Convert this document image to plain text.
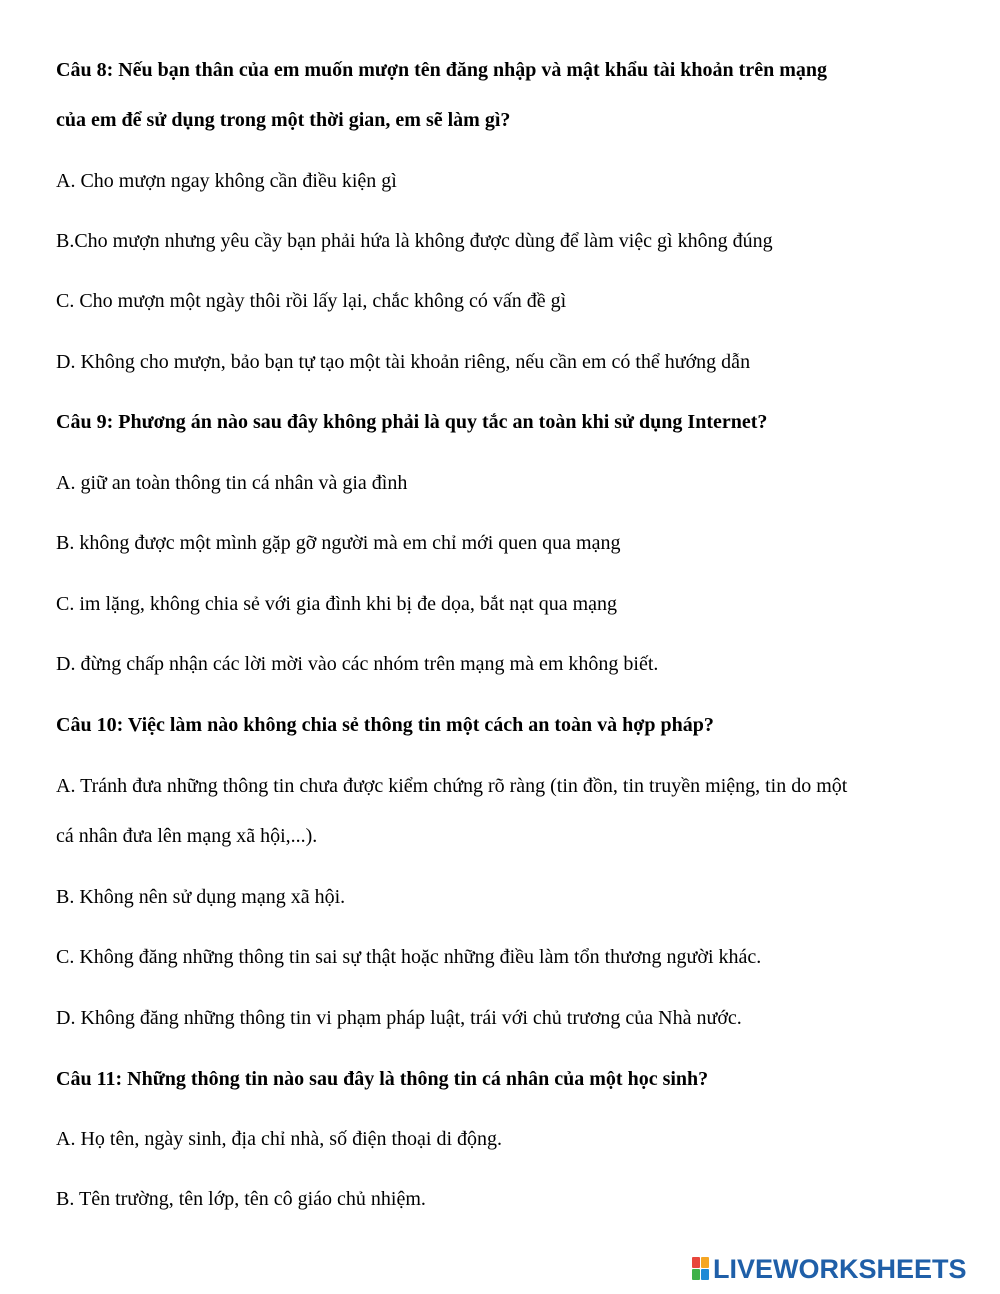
Câu 8: Nếu bạn thân của em muốn mượn tên đăng nhập và mật khẩu tài khoản trên mạng
của em để sử dụng trong một thời gian, em sẽ làm gì?
A. Cho mượn ngay không cần điều kiện gì
B.Cho mượn nhưng yêu cầy bạn phải hứa là không được dùng để làm việc gì không đúng
C. Cho mượn một ngày thôi rồi lấy lại, chắc không có vấn đề gì
D. Không cho mượn, bảo bạn tự tạo một tài khoản riêng, nếu cần em có thể hướng dẫn
Câu 9: Phương án nào sau đây không phải là quy tắc an toàn khi sử dụng Internet?
A. giữ an toàn thông tin cá nhân và gia đình
B. không được một mình gặp gỡ người mà em chỉ mới quen qua mạng
C. im lặng, không chia sẻ với gia đình khi bị đe dọa, bắt nạt qua mạng
D. đừng chấp nhận các lời mời vào các nhóm trên mạng mà em không biết.
Câu 10: Việc làm nào không chia sẻ thông tin một cách an toàn và hợp pháp?
A. Tránh đưa những thông tin chưa được kiểm chứng rõ ràng (tin đồn, tin truyền miệng, tin do một
cá nhân đưa lên mạng xã hội,...).
B. Không nên sử dụng mạng xã hội.
C. Không đăng những thông tin sai sự thật hoặc những điều làm tổn thương người khác.
D. Không đăng những thông tin vi phạm pháp luật, trái với chủ trương của Nhà nước.
Câu 11: Những thông tin nào sau đây là thông tin cá nhân của một học sinh?
A. Họ tên, ngày sinh, địa chỉ nhà, số điện thoại di động.
B. Tên trường, tên lớp, tên cô giáo chủ nhiệm.
LIVEWORKSHEETS
